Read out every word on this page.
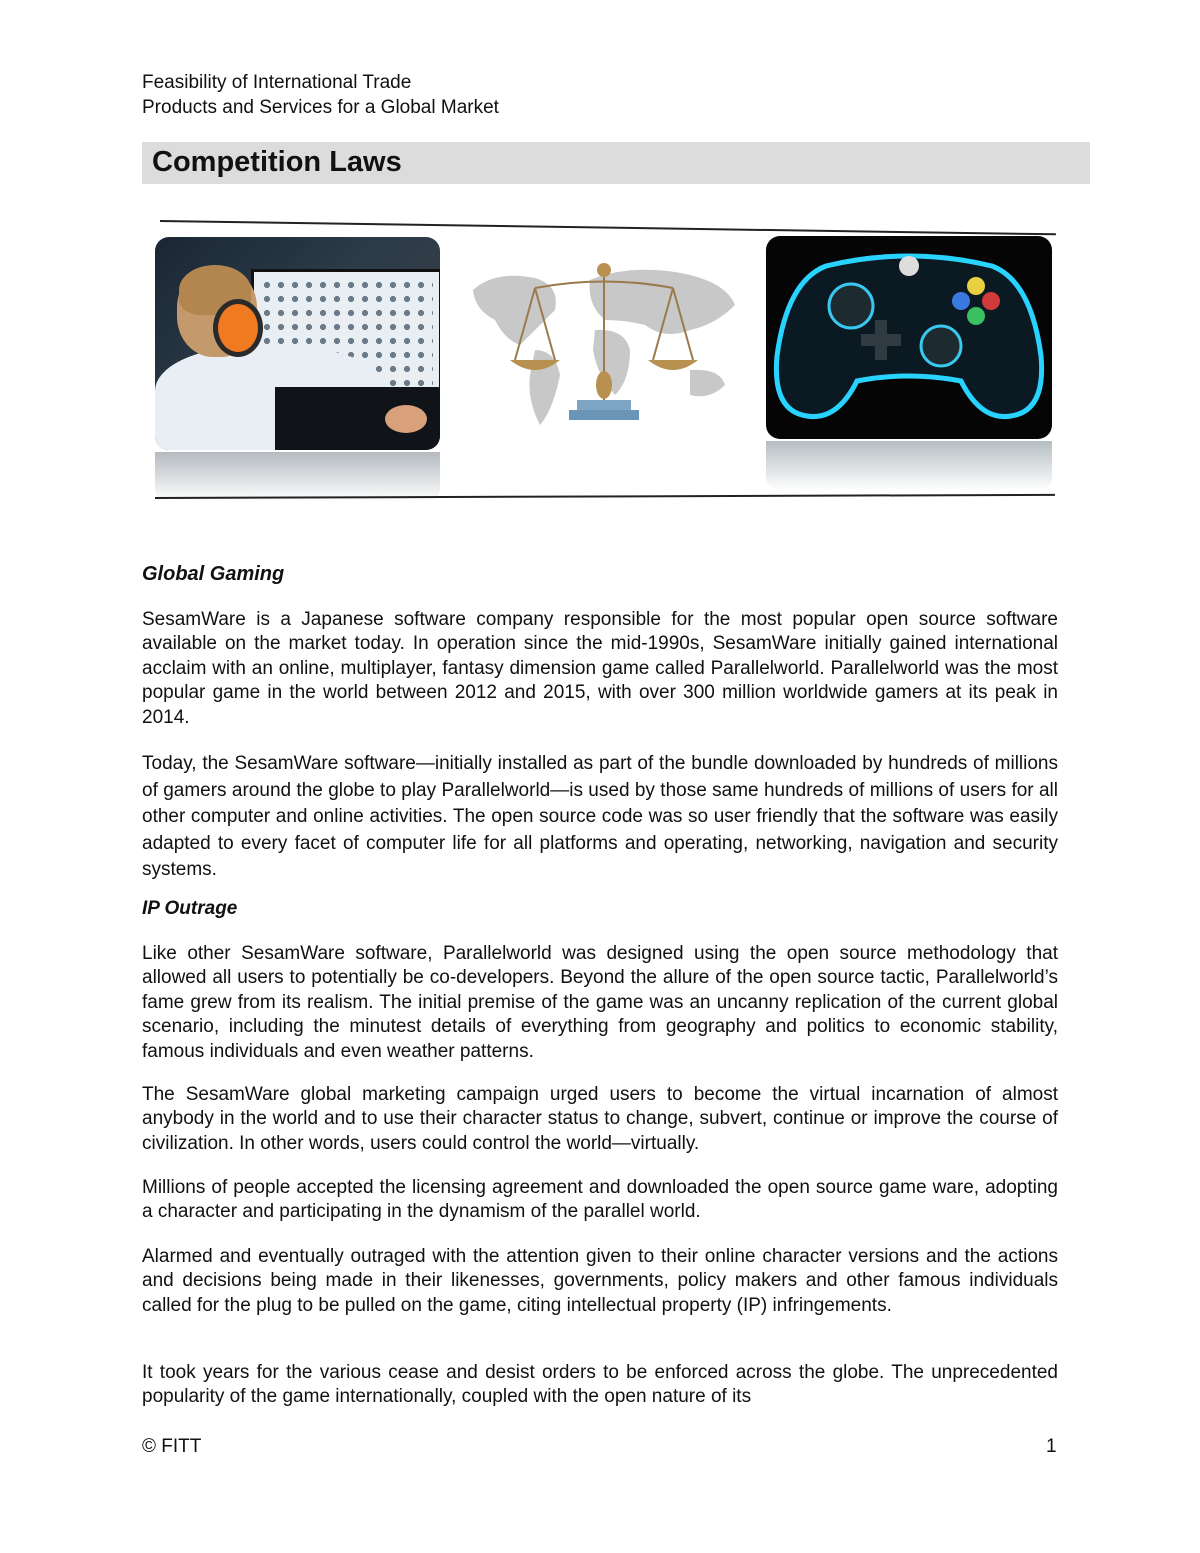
Feasibility of International Trade
Products and Services for a Global Market
Competition Laws
Global Gaming

SesamWare is a Japanese software company responsible for the most popular open source software available on the market today. In operation since the mid-1990s, SesamWare initially gained international acclaim with an online, multiplayer, fantasy dimension game called Parallelworld. Parallelworld was the most popular game in the world between 2012 and 2015, with over 300 million worldwide gamers at its peak in 2014.

Today, the SesamWare software—initially installed as part of the bundle downloaded by hundreds of millions of gamers around the globe to play Parallelworld—is used by those same hundreds of millions of users for all other computer and online activities. The open source code was so user friendly that the software was easily adapted to every facet of computer life for all platforms and operating, networking, navigation and security systems.

IP Outrage

Like other SesamWare software, Parallelworld was designed using the open source methodology that allowed all users to potentially be co-developers. Beyond the allure of the open source tactic, Parallelworld’s fame grew from its realism. The initial premise of the game was an uncanny replication of the current global scenario, including the minutest details of everything from geography and politics to economic stability, famous individuals and even weather patterns.

The SesamWare global marketing campaign urged users to become the virtual incarnation of almost anybody in the world and to use their character status to change, subvert, continue or improve the course of civilization. In other words, users could control the world—virtually.

Millions of people accepted the licensing agreement and downloaded the open source game ware, adopting a character and participating in the dynamism of the parallel world.

Alarmed and eventually outraged with the attention given to their online character versions and the actions and decisions being made in their likenesses, governments, policy makers and other famous individuals called for the plug to be pulled on the game, citing intellectual property (IP) infringements.

It took years for the various cease and desist orders to be enforced across the globe. The unprecedented popularity of the game internationally, coupled with the open nature of its

© FITT	1
